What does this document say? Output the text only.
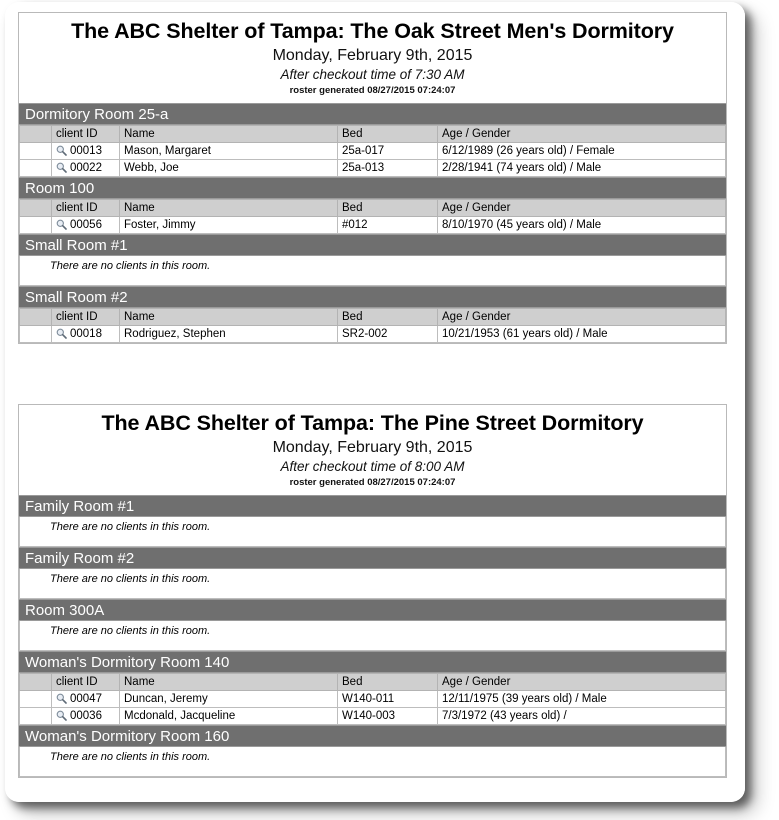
The ABC Shelter of Tampa: The Oak Street Men's Dormitory
Monday, February 9th, 2015
After checkout time of 7:30 AM
roster generated 08/27/2015 07:24:07
Dormitory Room 25-a
	client ID	Name	Bed	Age / Gender
	00013	Mason, Margaret	25a-017	6/12/1989 (26 years old) / Female
	00022	Webb, Joe	25a-013	2/28/1941 (74 years old) / Male
Room 100
	client ID	Name	Bed	Age / Gender
	00056	Foster, Jimmy	#012	8/10/1970 (45 years old) / Male
Small Room #1
There are no clients in this room.
Small Room #2
	client ID	Name	Bed	Age / Gender
	00018	Rodriguez, Stephen	SR2-002	10/21/1953 (61 years old) / Male
The ABC Shelter of Tampa: The Pine Street Dormitory
Monday, February 9th, 2015
After checkout time of 8:00 AM
roster generated 08/27/2015 07:24:07
Family Room #1
There are no clients in this room.
Family Room #2
There are no clients in this room.
Room 300A
There are no clients in this room.
Woman's Dormitory Room 140
	client ID	Name	Bed	Age / Gender
	00047	Duncan, Jeremy	W140-011	12/11/1975 (39 years old) / Male
	00036	Mcdonald, Jacqueline	W140-003	7/3/1972 (43 years old) /
Woman's Dormitory Room 160
There are no clients in this room.
